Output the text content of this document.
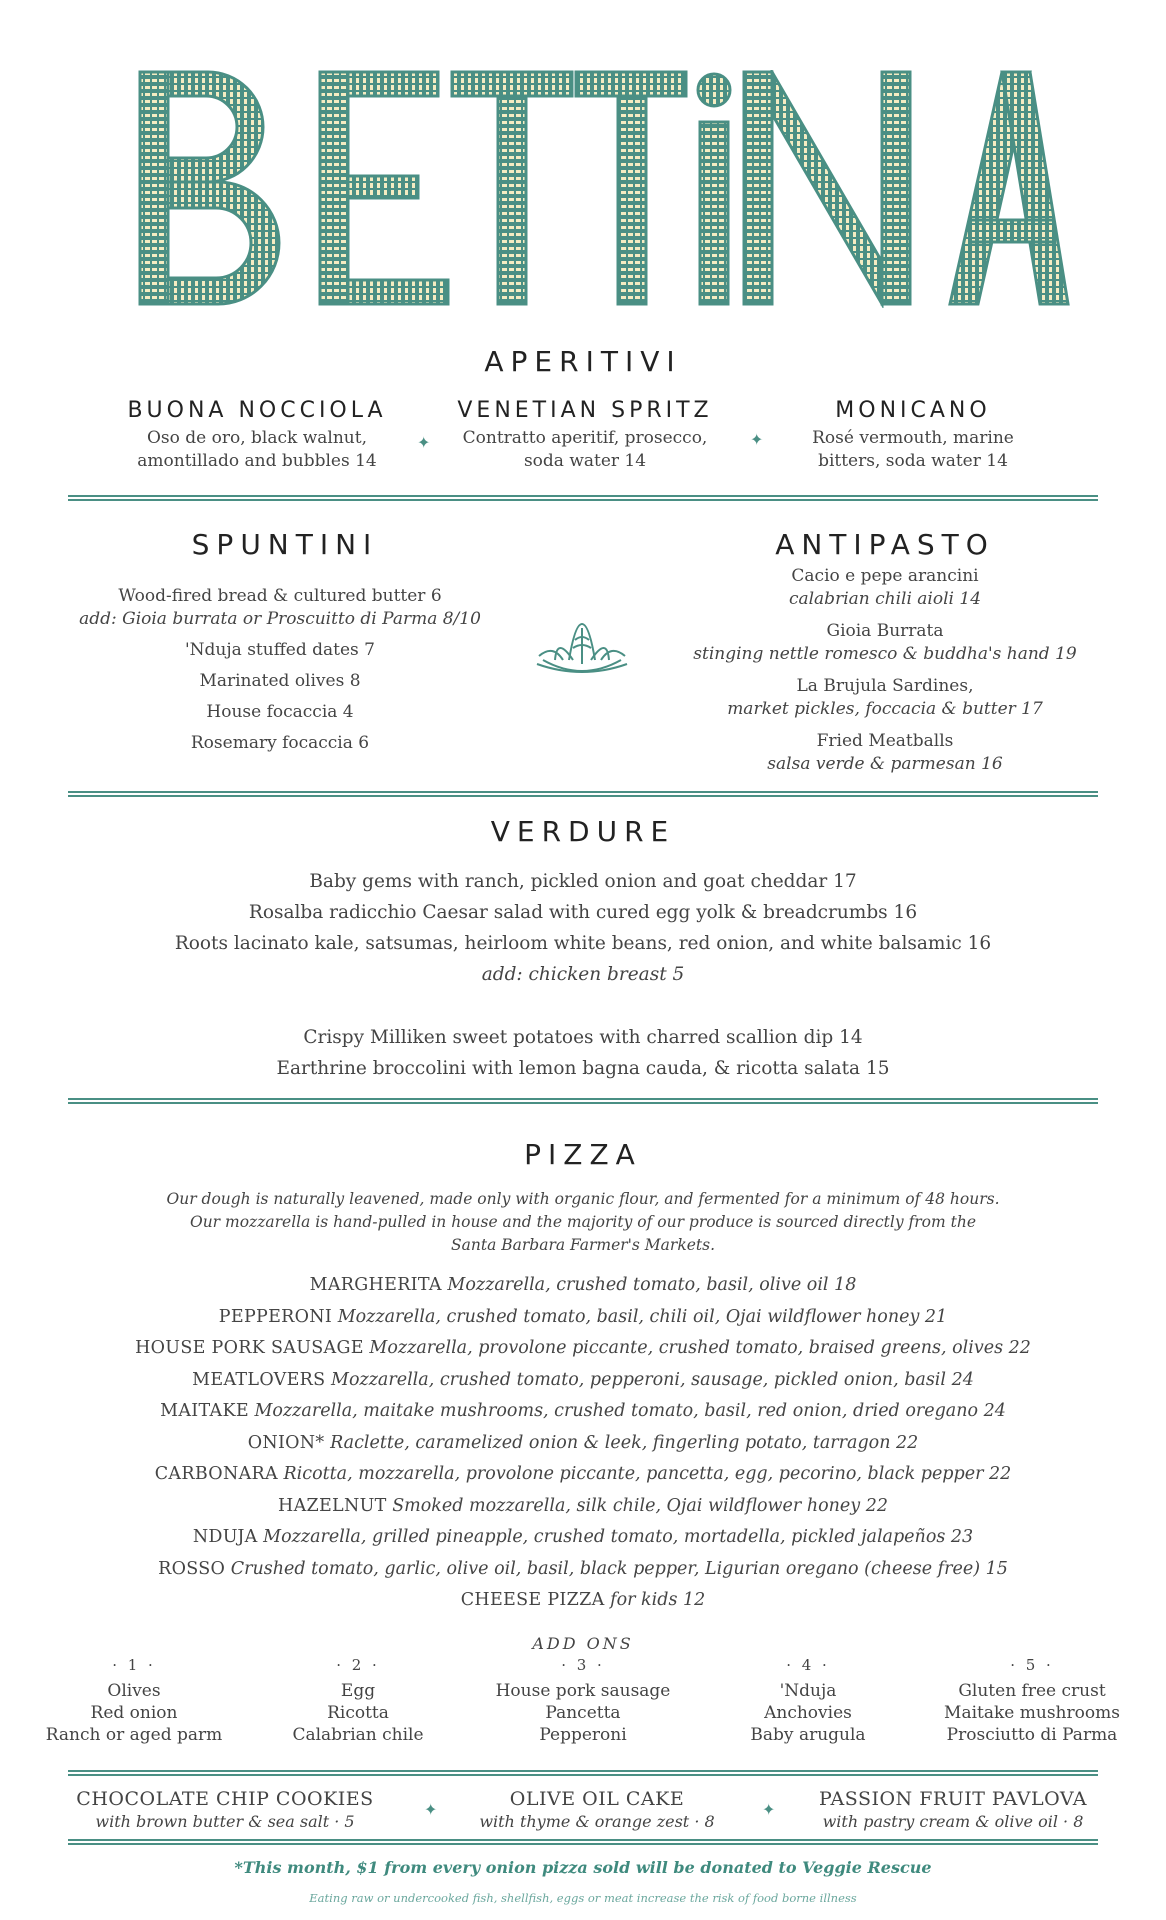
APERITIVI
BUONA NOCCIOLA
Oso de oro, black walnut,
amontillado and bubbles 14
✦
VENETIAN SPRITZ
Contratto aperitif, prosecco,
soda water 14
✦
MONICANO
Rosé vermouth, marine
bitters, soda water 14
SPUNTINI	ANTIPASTO
Wood-fired bread & cultured butter 6
add: Gioia burrata or Proscuitto di Parma 8/10
'Nduja stuffed dates 7
Marinated olives 8
House focaccia 4
Rosemary focaccia 6
Cacio e pepe arancini
calabrian chili aioli 14
Gioia Burrata
stinging nettle romesco & buddha's hand 19
La Brujula Sardines,
market pickles, foccacia & butter 17
Fried Meatballs
salsa verde & parmesan 16
VERDURE
Baby gems with ranch, pickled onion and goat cheddar 17
Rosalba radicchio Caesar salad with cured egg yolk & breadcrumbs 16
Roots lacinato kale, satsumas, heirloom white beans, red onion, and white balsamic 16
add: chicken breast 5
Crispy Milliken sweet potatoes with charred scallion dip 14
Earthrine broccolini with lemon bagna cauda, & ricotta salata 15
PIZZA
Our dough is naturally leavened, made only with organic flour, and fermented for a minimum of 48 hours.
Our mozzarella is hand-pulled in house and the majority of our produce is sourced directly from the
Santa Barbara Farmer's Markets.
MARGHERITA Mozzarella, crushed tomato, basil, olive oil 18
PEPPERONI Mozzarella, crushed tomato, basil, chili oil, Ojai wildflower honey 21
HOUSE PORK SAUSAGE Mozzarella, provolone piccante, crushed tomato, braised greens, olives 22
MEATLOVERS Mozzarella, crushed tomato, pepperoni, sausage, pickled onion, basil 24
MAITAKE Mozzarella, maitake mushrooms, crushed tomato, basil, red onion, dried oregano 24
ONION* Raclette, caramelized onion & leek, fingerling potato, tarragon 22
CARBONARA Ricotta, mozzarella, provolone piccante, pancetta, egg, pecorino, black pepper 22
HAZELNUT Smoked mozzarella, silk chile, Ojai wildflower honey 22
NDUJA Mozzarella, grilled pineapple, crushed tomato, mortadella, pickled jalapeños 23
ROSSO Crushed tomato, garlic, olive oil, basil, black pepper, Ligurian oregano (cheese free) 15
CHEESE PIZZA for kids 12
ADD ONS
· 1 ·
Olives
Red onion
Ranch or aged parm
· 2 ·
Egg
Ricotta
Calabrian chile
· 3 ·
House pork sausage
Pancetta
Pepperoni
· 4 ·
'Nduja
Anchovies
Baby arugula
· 5 ·
Gluten free crust
Maitake mushrooms
Prosciutto di Parma
CHOCOLATE CHIP COOKIES
with brown butter & sea salt · 5
✦	OLIVE OIL CAKE
with thyme & orange zest · 8
✦	PASSION FRUIT PAVLOVA
with pastry cream & olive oil · 8
*This month, $1 from every onion pizza sold will be donated to Veggie Rescue
Eating raw or undercooked fish, shellfish, eggs or meat increase the risk of food borne illness
